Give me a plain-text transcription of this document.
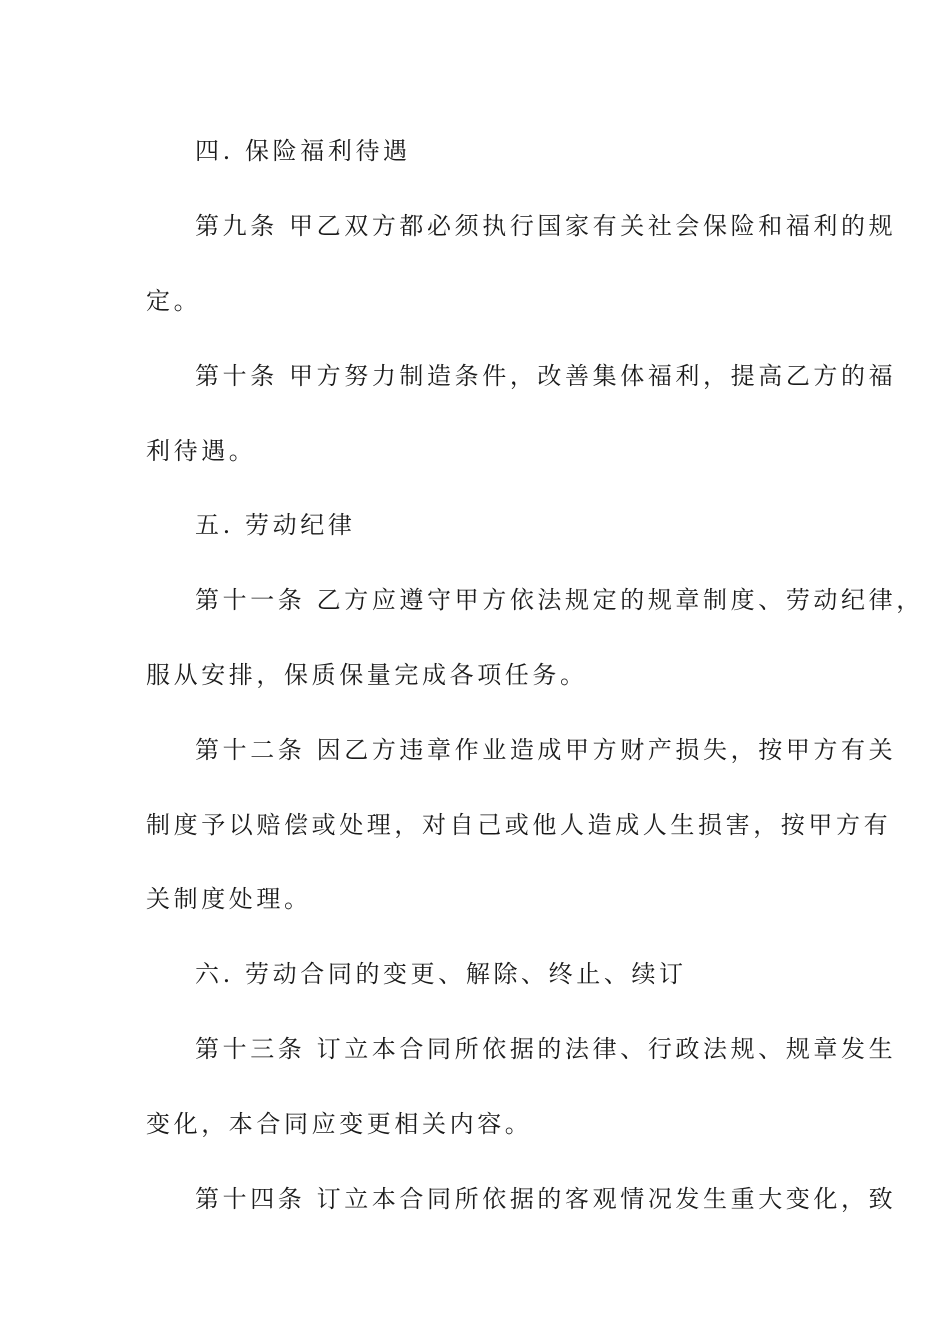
四. 保险福利待遇
第九条 甲乙双方都必须执行国家有关社会保险和福利的规
定。
第十条 甲方努力制造条件，改善集体福利，提高乙方的福
利待遇。
五. 劳动纪律
第十一条 乙方应遵守甲方依法规定的规章制度、劳动纪律，
服从安排，保质保量完成各项任务。
第十二条 因乙方违章作业造成甲方财产损失，按甲方有关
制度予以赔偿或处理，对自己或他人造成人生损害，按甲方有
关制度处理。
六. 劳动合同的变更、解除、终止、续订
第十三条 订立本合同所依据的法律、行政法规、规章发生
变化，本合同应变更相关内容。
第十四条 订立本合同所依据的客观情况发生重大变化，致
